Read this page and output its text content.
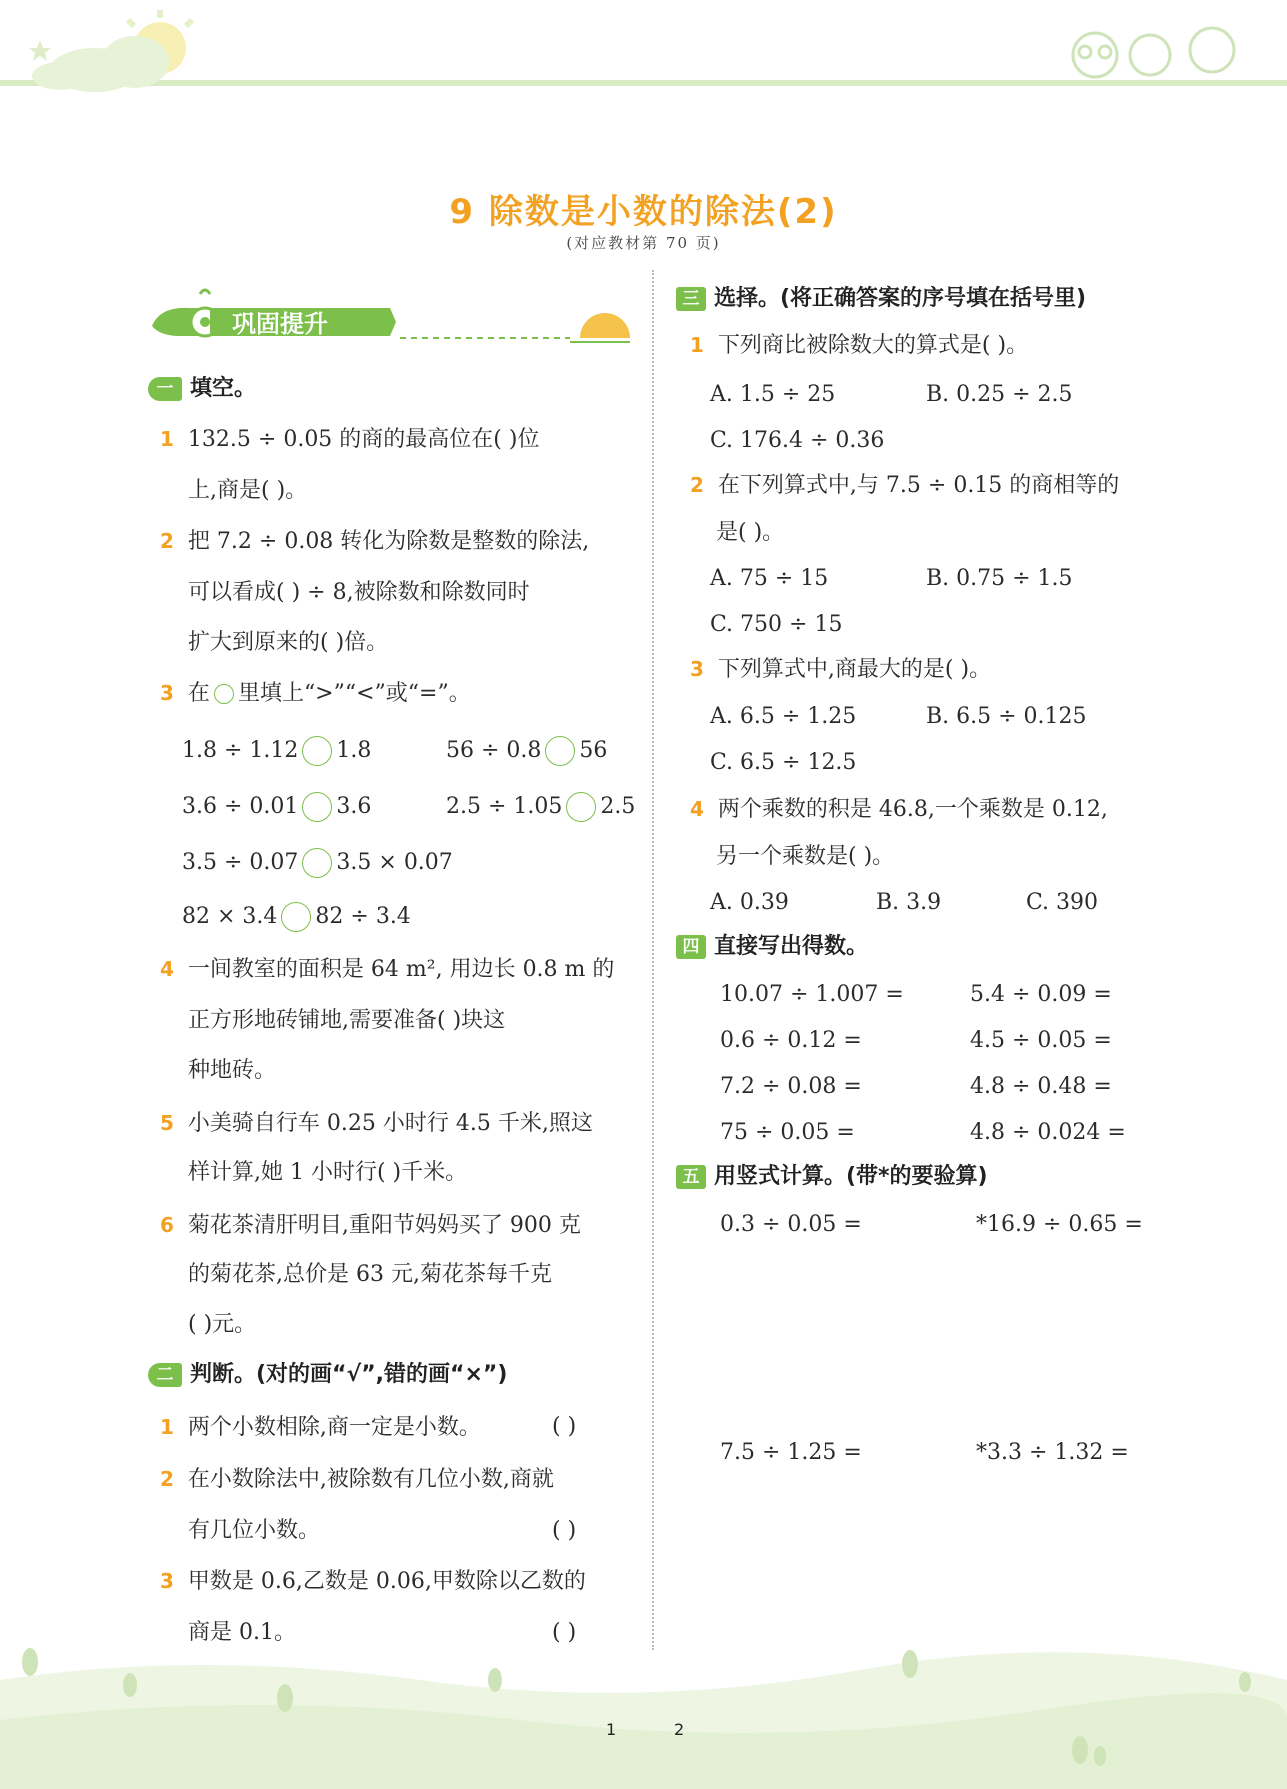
9 除数是小数的除法(2)
(对应教材第 70 页)
巩固提升
一 填空。
1 132.5 ÷ 0.05 的商的最高位在( )位
上,商是( )。
2 把 7.2 ÷ 0.08 转化为除数是整数的除法,
可以看成( ) ÷ 8,被除数和除数同时
扩大到原来的( )倍。
3 在 里填上“>”“<”或“=”。
1.8 ÷ 1.12 1.8	56 ÷ 0.8 56
3.6 ÷ 0.01 3.6	2.5 ÷ 1.05 2.5
3.5 ÷ 0.07 3.5 × 0.07
82 × 3.4 82 ÷ 3.4
4 一间教室的面积是 64 m², 用边长 0.8 m 的
正方形地砖铺地,需要准备( )块这
种地砖。
5 小美骑自行车 0.25 小时行 4.5 千米,照这
样计算,她 1 小时行( )千米。
6 菊花茶清肝明目,重阳节妈妈买了 900 克
的菊花茶,总价是 63 元,菊花茶每千克
( )元。
二 判断。(对的画“√”,错的画“×”)
1 两个小数相除,商一定是小数。	( )
2 在小数除法中,被除数有几位小数,商就
有几位小数。	( )
3 甲数是 0.6,乙数是 0.06,甲数除以乙数的
商是 0.1。	( )
三 选择。(将正确答案的序号填在括号里)
1 下列商比被除数大的算式是( )。
A. 1.5 ÷ 25	B. 0.25 ÷ 2.5
C. 176.4 ÷ 0.36
2 在下列算式中,与 7.5 ÷ 0.15 的商相等的
是( )。
A. 75 ÷ 15	B. 0.75 ÷ 1.5
C. 750 ÷ 15
3 下列算式中,商最大的是( )。
A. 6.5 ÷ 1.25	B. 6.5 ÷ 0.125
C. 6.5 ÷ 12.5
4 两个乘数的积是 46.8,一个乘数是 0.12,
另一个乘数是( )。
A. 0.39	B. 3.9	C. 390
四 直接写出得数。
10.07 ÷ 1.007 =	5.4 ÷ 0.09 =
0.6 ÷ 0.12 =	4.5 ÷ 0.05 =
7.2 ÷ 0.08 =	4.8 ÷ 0.48 =
75 ÷ 0.05 =	4.8 ÷ 0.024 =
五 用竖式计算。(带*的要验算)
0.3 ÷ 0.05 =	*16.9 ÷ 0.65 =
7.5 ÷ 1.25 =	*3.3 ÷ 1.32 =
1	2
